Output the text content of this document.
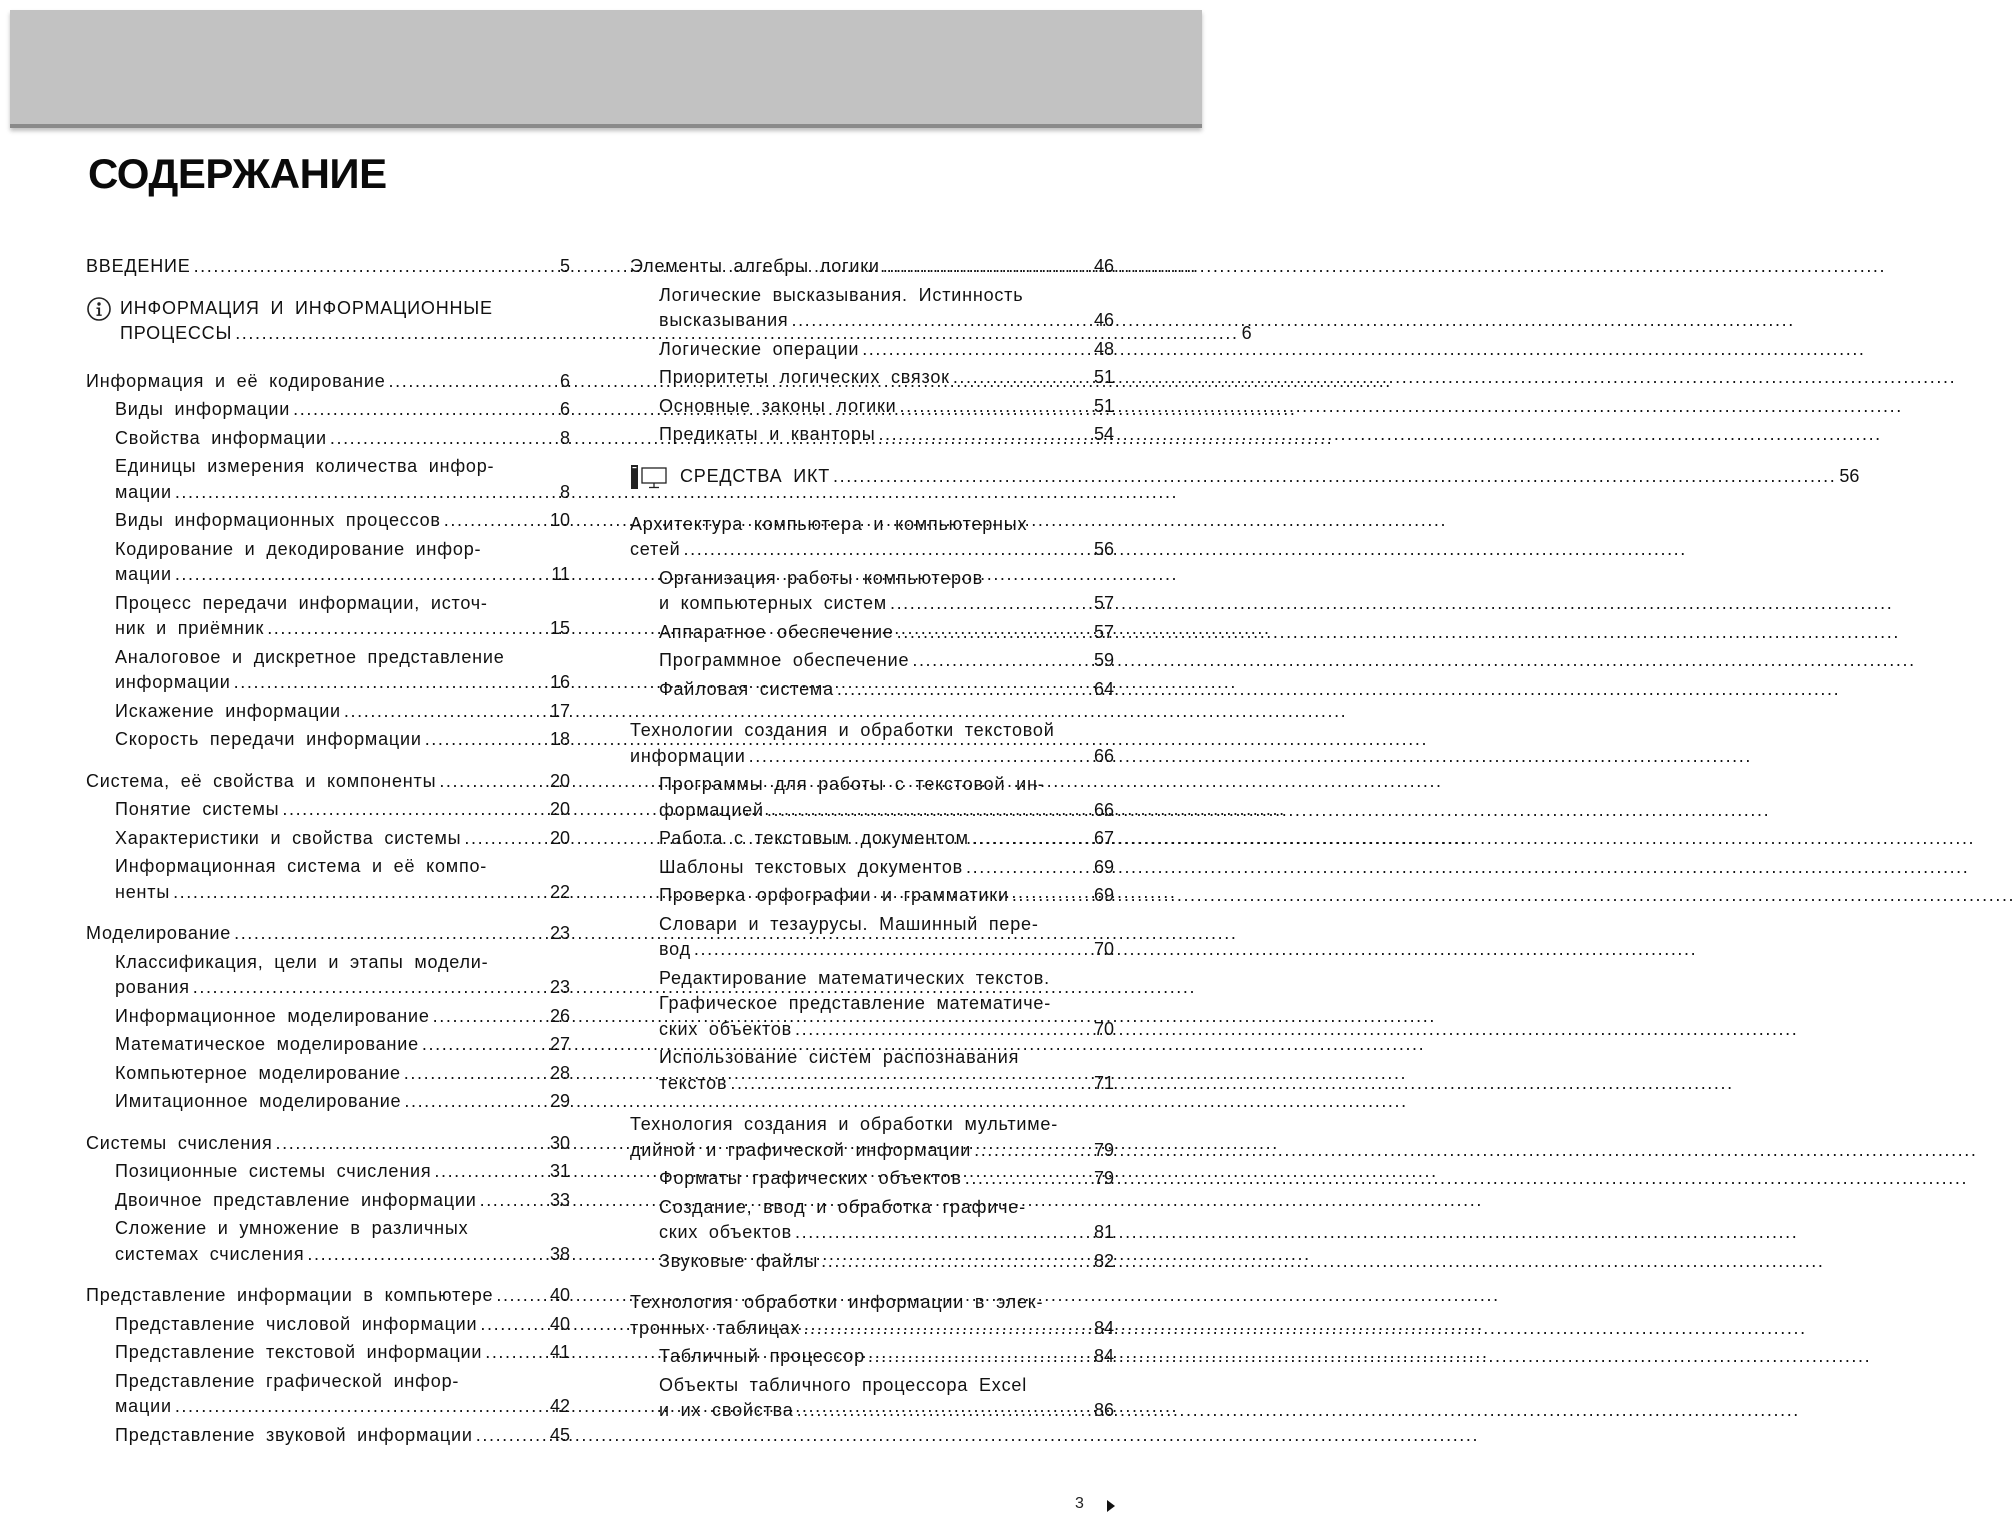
СОДЕРЖАНИЕ
ВВЕДЕНИЕ .....	5
ИНФОРМАЦИЯ И ИНФОРМАЦИОННЫЕ
ПРОЦЕССЫ .....	6
Информация и её кодирование .....	6
Виды информации .....	6
Свойства информации .....	8
Единицы измерения количества инфор-
мации .....	8
Виды информационных процессов .....	10
Кодирование и декодирование инфор-
мации .....	11
Процесс передачи информации, источ-
ник и приёмник .....	15
Аналоговое и дискретное представление
информации .....	16
Искажение информации .....	17
Скорость передачи информации .....	18
Система, её свойства и компоненты .....	20
Понятие системы .....	20
Характеристики и свойства системы .....	20
Информационная система и её компо-
ненты .....	22
Моделирование .....	23
Классификация, цели и этапы модели-
рования .....	23
Информационное моделирование .....	26
Математическое моделирование .....	27
Компьютерное моделирование .....	28
Имитационное моделирование .....	29
Системы счисления .....	30
Позиционные системы счисления .....	31
Двоичное представление информации .....	33
Сложение и умножение в различных
системах счисления .....	38
Представление информации в компьютере .....	40
Представление числовой информации .....	40
Представление текстовой информации .....	41
Представление графической инфор-
мации .....	42
Представление звуковой информации .....	45
Элементы алгебры логики .....	46
Логические высказывания. Истинность
высказывания .....	46
Логические операции .....	48
Приоритеты логических связок .....	51
Основные законы логики .....	51
Предикаты и кванторы .....	54
СРЕДСТВА ИКТ .....	56
Архитектура компьютера и компьютерных
сетей .....	56
Организация работы компьютеров
и компьютерных систем .....	57
Аппаратное обеспечение .....	57
Программное обеспечение .....	59
Файловая система .....	64
Технологии создания и обработки текстовой
информации .....	66
Программы для работы с текстовой ин-
формацией .....	66
Работа с текстовым документом .....	67
Шаблоны текстовых документов .....	69
Проверка орфографии и грамматики .....	69
Словари и тезаурусы. Машинный пере-
вод .....	70
Редактирование математических текстов.
Графическое представление математиче-
ских объектов .....	70
Использование систем распознавания
текстов .....	71
Технология создания и обработки мультиме-
дийной и графической информации .....	79
Форматы графических объектов .....	79
Создание, ввод и обработка графиче-
ских объектов .....	81
Звуковые файлы .....	82
Технология обработки информации в элек-
тронных таблицах .....	84
Табличный процессор .....	84
Объекты табличного процессора Excel
и их свойства .....	86
3
